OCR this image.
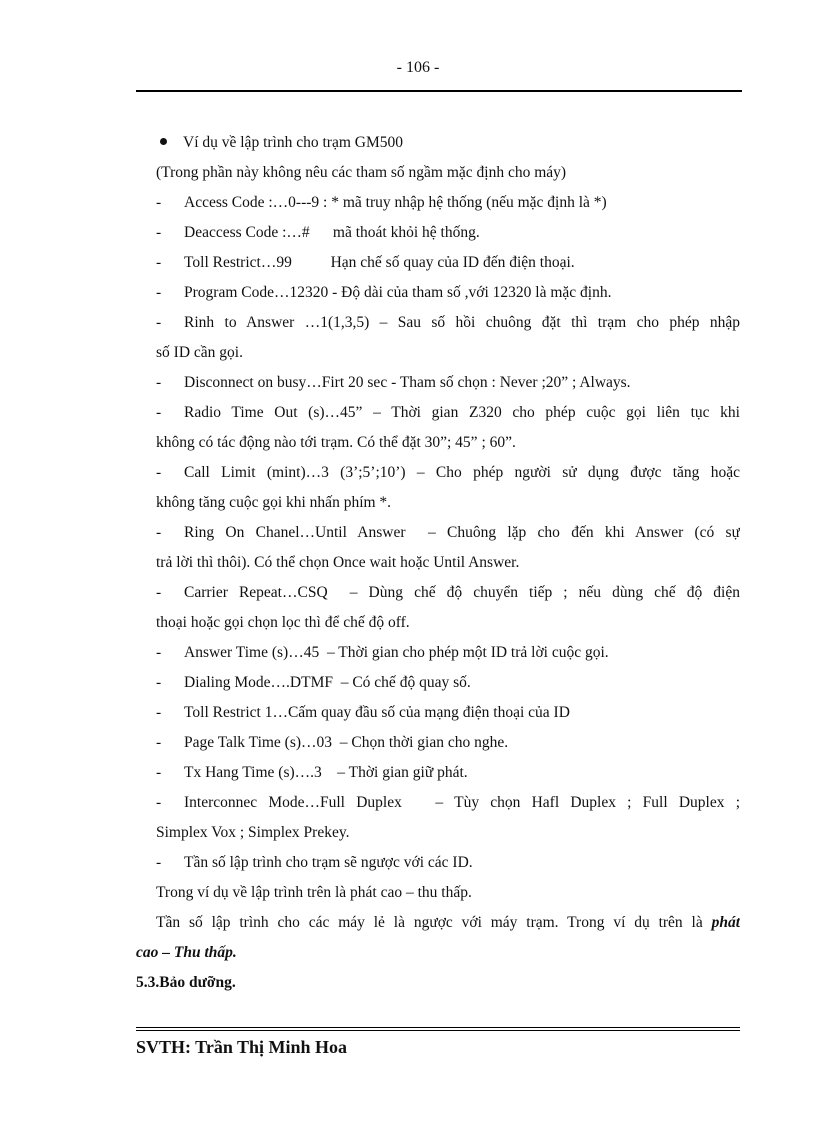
- 106 -
Ví dụ về lập trình cho trạm GM500
(Trong phần này không nêu các tham số ngầm mặc định cho máy)
-	Access Code :…0---9 : * mã truy nhập hệ thống (nếu mặc định là *)
-	Deaccess Code :…#      mã thoát khỏi hệ thống.
-	Toll Restrict…99          Hạn chế số quay của ID đến điện thoại.
-	Program Code…12320 - Độ dài của tham số ,với 12320 là mặc định.
-	Rinh to Answer …1(1,3,5) – Sau số hồi chuông đặt thì trạm cho phép nhập
số ID cần gọi.
-	Disconnect on busy…Firt 20 sec - Tham số chọn : Never ;20” ; Always.
-	Radio Time Out (s)…45” – Thời gian Z320 cho phép cuộc gọi liên tục khi
không có tác động nào tới trạm. Có thể đặt 30”; 45” ; 60”.
-	Call Limit (mint)…3 (3’;5’;10’) – Cho phép người sử dụng được tăng hoặc
không tăng cuộc gọi khi nhấn phím *.
-	Ring On Chanel…Until Answer  – Chuông lặp cho đến khi Answer (có sự
trả lời thì thôi). Có thể chọn Once wait hoặc Until Answer.
-	Carrier Repeat…CSQ  – Dùng chế độ chuyển tiếp ; nếu dùng chế độ điện
thoại hoặc gọi chọn lọc thì để chế độ off.
-	Answer Time (s)…45  – Thời gian cho phép một ID trả lời cuộc gọi.
-	Dialing Mode….DTMF  – Có chế độ quay số.
-	Toll Restrict 1…Cấm quay đầu số của mạng điện thoại của ID
-	Page Talk Time (s)…03  – Chọn thời gian cho nghe.
-	Tx Hang Time (s)….3    – Thời gian giữ phát.
-	Interconnec Mode…Full Duplex   – Tùy chọn Hafl Duplex ; Full Duplex ;
Simplex Vox ; Simplex Prekey.
-	Tần số lập trình cho trạm sẽ ngược với các ID.
Trong ví dụ về lập trình trên là phát cao – thu thấp.
Tần số lập trình cho các máy lẻ là ngược với máy trạm. Trong ví dụ trên là phát
cao – Thu thấp.
5.3.Bảo dưỡng.
SVTH: Trần Thị Minh Hoa
